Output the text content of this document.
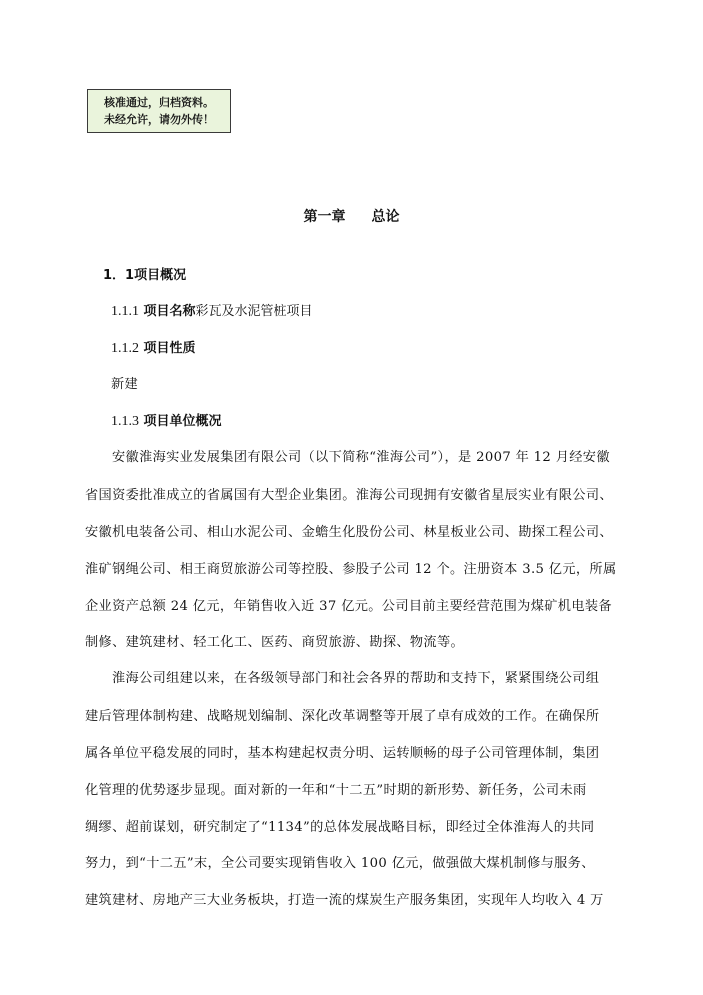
核准通过，归档资料。
未经允许，请勿外传！
第一章 总论
1．1项目概况
1.1.1 项目名称彩瓦及水泥管桩项目
1.1.2 项目性质
新建
1.1.3 项目单位概况
安徽淮海实业发展集团有限公司（以下简称“淮海公司”），是 2007 年 12 月经安徽
省国资委批准成立的省属国有大型企业集团。淮海公司现拥有安徽省星辰实业有限公司、
安徽机电装备公司、相山水泥公司、金蟾生化股份公司、林星板业公司、勘探工程公司、
淮矿钢绳公司、相王商贸旅游公司等控股、参股子公司 12 个。注册资本 3.5 亿元，所属
企业资产总额 24 亿元，年销售收入近 37 亿元。公司目前主要经营范围为煤矿机电装备
制修、建筑建材、轻工化工、医药、商贸旅游、勘探、物流等。
淮海公司组建以来，在各级领导部门和社会各界的帮助和支持下，紧紧围绕公司组
建后管理体制构建、战略规划编制、深化改革调整等开展了卓有成效的工作。在确保所
属各单位平稳发展的同时，基本构建起权责分明、运转顺畅的母子公司管理体制，集团
化管理的优势逐步显现。面对新的一年和“十二五”时期的新形势、新任务，公司未雨
绸缪、超前谋划，研究制定了“1134”的总体发展战略目标，即经过全体淮海人的共同
努力，到“十二五”末，全公司要实现销售收入 100 亿元，做强做大煤机制修与服务、
建筑建材、房地产三大业务板块，打造一流的煤炭生产服务集团，实现年人均收入 4 万
